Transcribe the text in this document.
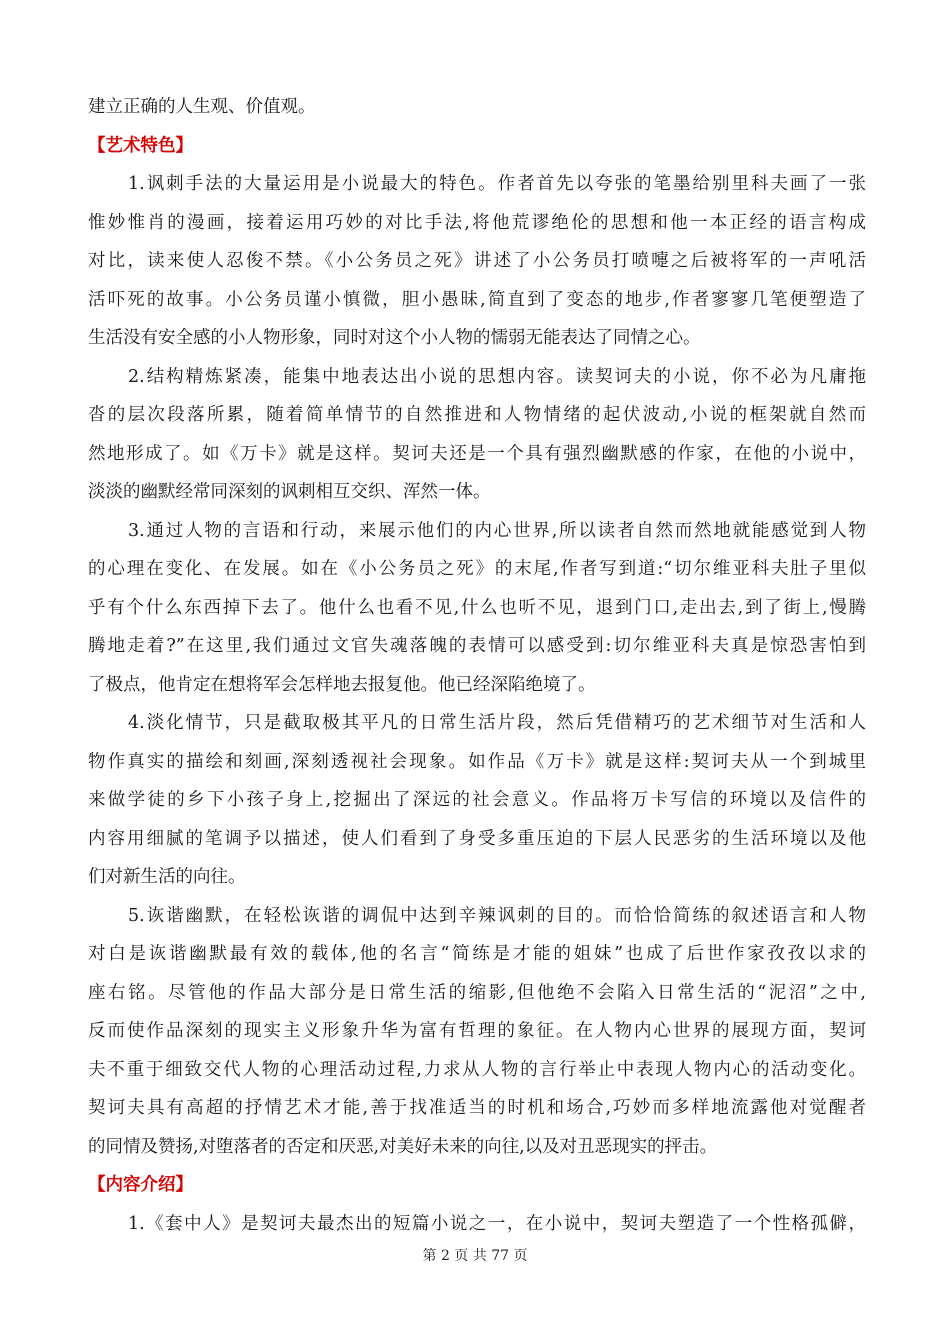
建立正确的人生观、价值观。

【艺术特色】

1.讽刺手法的大量运用是小说最大的特色。作者首先以夸张的笔墨给别里科夫画了一张

惟妙惟肖的漫画，接着运用巧妙的对比手法,将他荒谬绝伦的思想和他一本正经的语言构成

对比，读来使人忍俊不禁。《小公务员之死》讲述了小公务员打喷嚏之后被将军的一声吼活

活吓死的故事。小公务员谨小慎微，胆小愚昧,简直到了变态的地步,作者寥寥几笔便塑造了

生活没有安全感的小人物形象，同时对这个小人物的懦弱无能表达了同情之心。

2.结构精炼紧凑，能集中地表达出小说的思想内容。读契诃夫的小说，你不必为凡庸拖

沓的层次段落所累，随着简单情节的自然推进和人物情绪的起伏波动,小说的框架就自然而

然地形成了。如《万卡》就是这样。契诃夫还是一个具有强烈幽默感的作家，在他的小说中，

淡淡的幽默经常同深刻的讽刺相互交织、浑然一体。

3.通过人物的言语和行动，来展示他们的内心世界,所以读者自然而然地就能感觉到人物

的心理在变化、在发展。如在《小公务员之死》的末尾,作者写到道:“切尔维亚科夫肚子里似

乎有个什么东西掉下去了。他什么也看不见,什么也听不见，退到门口,走出去,到了街上,慢腾

腾地走着?”在这里,我们通过文官失魂落魄的表情可以感受到:切尔维亚科夫真是惊恐害怕到

了极点，他肯定在想将军会怎样地去报复他。他已经深陷绝境了。

4.淡化情节，只是截取极其平凡的日常生活片段，然后凭借精巧的艺术细节对生活和人

物作真实的描绘和刻画,深刻透视社会现象。如作品《万卡》就是这样:契诃夫从一个到城里

来做学徒的乡下小孩子身上,挖掘出了深远的社会意义。作品将万卡写信的环境以及信件的

内容用细腻的笔调予以描述，使人们看到了身受多重压迫的下层人民恶劣的生活环境以及他

们对新生活的向往。

5.诙谐幽默，在轻松诙谐的调侃中达到辛辣讽刺的目的。而恰恰简练的叙述语言和人物

对白是诙谐幽默最有效的载体,他的名言“简练是才能的姐妹”也成了后世作家孜孜以求的

座右铭。尽管他的作品大部分是日常生活的缩影,但他绝不会陷入日常生活的“泥沼”之中,

反而使作品深刻的现实主义形象升华为富有哲理的象征。在人物内心世界的展现方面，契诃

夫不重于细致交代人物的心理活动过程,力求从人物的言行举止中表现人物内心的活动变化。

契诃夫具有高超的抒情艺术才能,善于找准适当的时机和场合,巧妙而多样地流露他对觉醒者

的同情及赞扬,对堕落者的否定和厌恶,对美好未来的向往,以及对丑恶现实的抨击。

【内容介绍】

1.《套中人》是契诃夫最杰出的短篇小说之一，在小说中，契诃夫塑造了一个性格孤僻，

第 2 页 共 77 页
